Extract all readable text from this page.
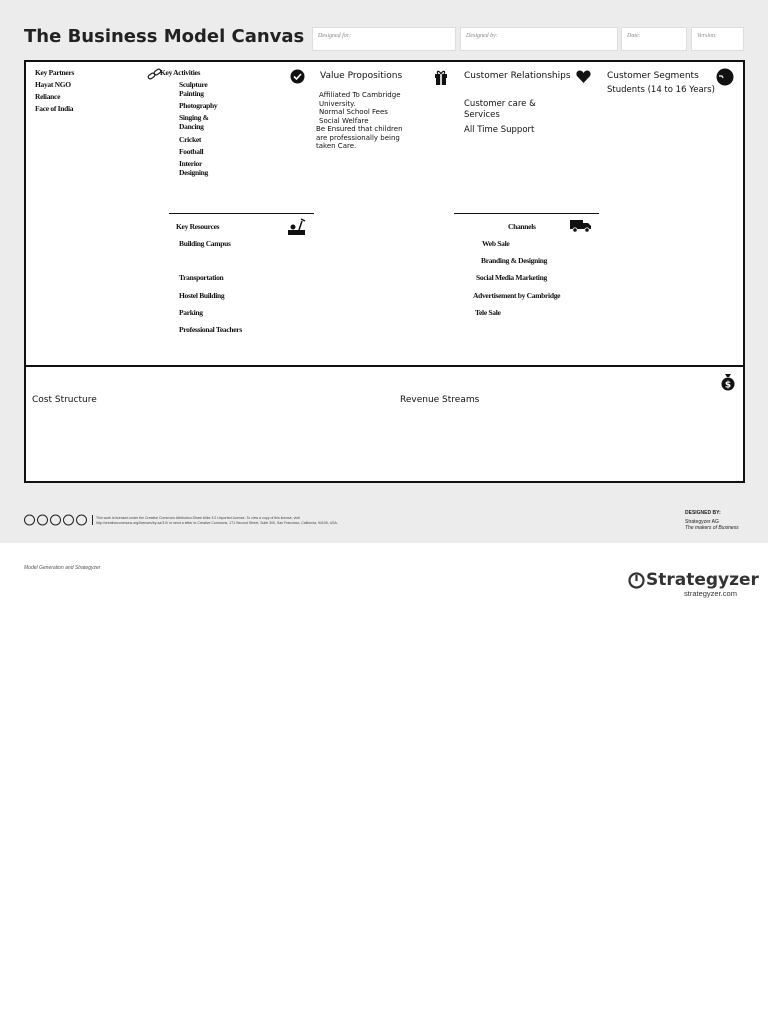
The Business Model Canvas Designed for:	Designed by:	Date:	Version:
Key Partners
Hayat NGO
Reliance
Face of India
Key Activities
Sculpture
Painting
Photography
Singing & Dancing
Cricket
Football
Interior Designing
Value Propositions
Affiliated To Cambridge University.
Normal School Fees
Social Welfare
Be Ensured that children are professionally being taken Care.
Customer Relationships
Customer care & Services
All Time Support
Customer Segments
Students (14 to 16 Years)
Key Resources
Building Campus
Transportation
Hostel Building
Parking
Professional Teachers
Channels
Web Sale
Branding & Designing
Social Media Marketing
Advertisement by Cambridge
Tele Sale
Cost Structure	Revenue Streams
$
This work is licensed under the Creative Commons Attribution-Share Alike 3.0 Unported License. To view a copy of this license, visit
http://creativecommons.org/licenses/by-sa/3.0/ or send a letter to Creative Commons, 171 Second Street, Suite 300, San Francisco, California, 94105, USA.
DESIGNED BY:
Strategyzer AG
The makers of Business
Model Generation and Strategyzer
Strategyzer
strategyzer.com
